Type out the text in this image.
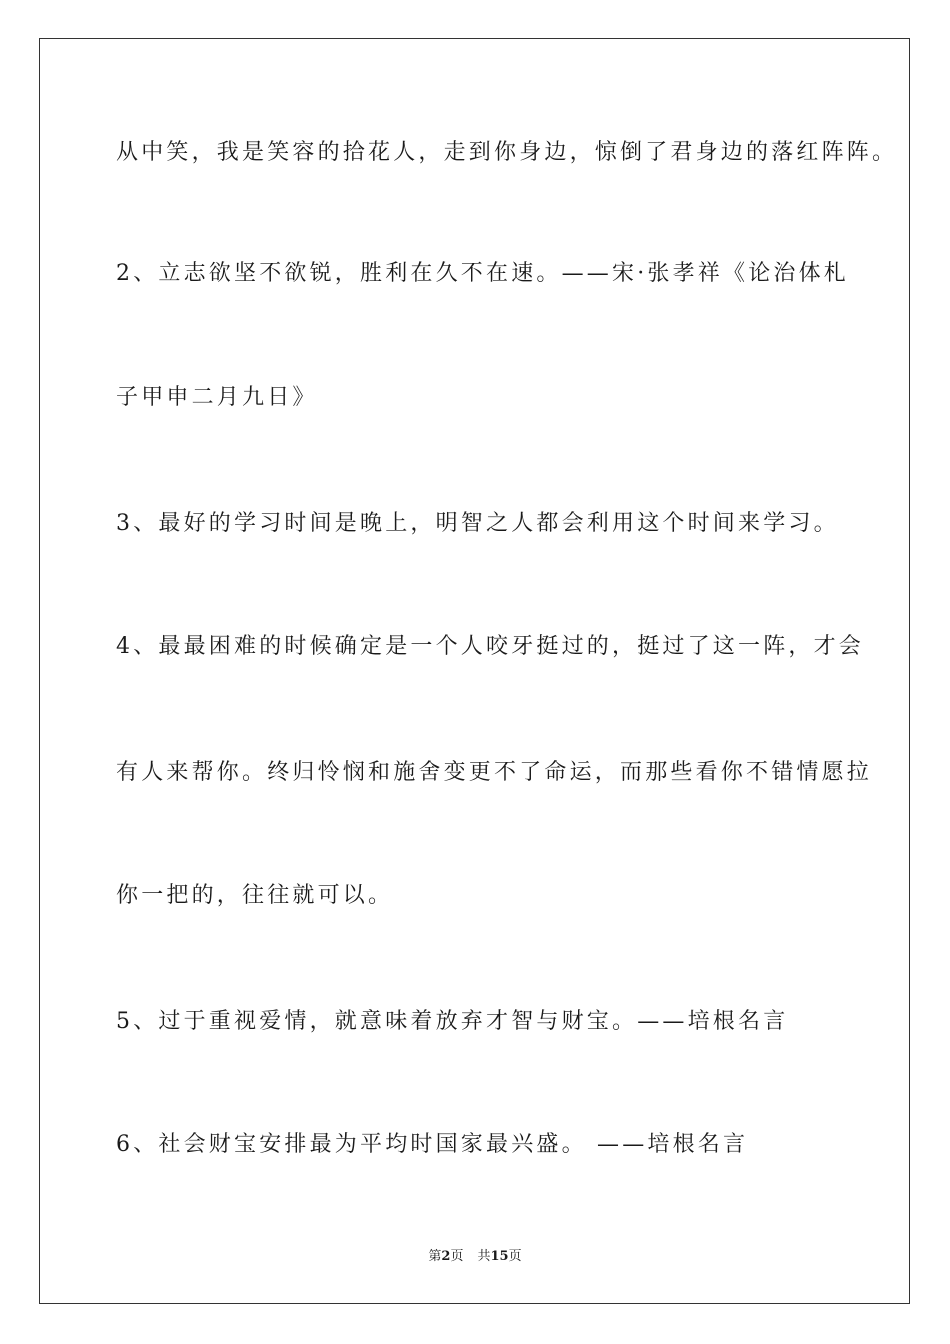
从中笑，我是笑容的拾花人，走到你身边，惊倒了君身边的落红阵阵。

2、立志欲坚不欲锐，胜利在久不在速。——宋·张孝祥《论治体札

子甲申二月九日》

3、最好的学习时间是晚上，明智之人都会利用这个时间来学习。

4、最最困难的时候确定是一个人咬牙挺过的，挺过了这一阵，才会

有人来帮你。终归怜悯和施舍变更不了命运，而那些看你不错情愿拉

你一把的，往往就可以。

5、过于重视爱情，就意味着放弃才智与财宝。——培根名言

6、社会财宝安排最为平均时国家最兴盛。 ——培根名言

第2页 共15页
